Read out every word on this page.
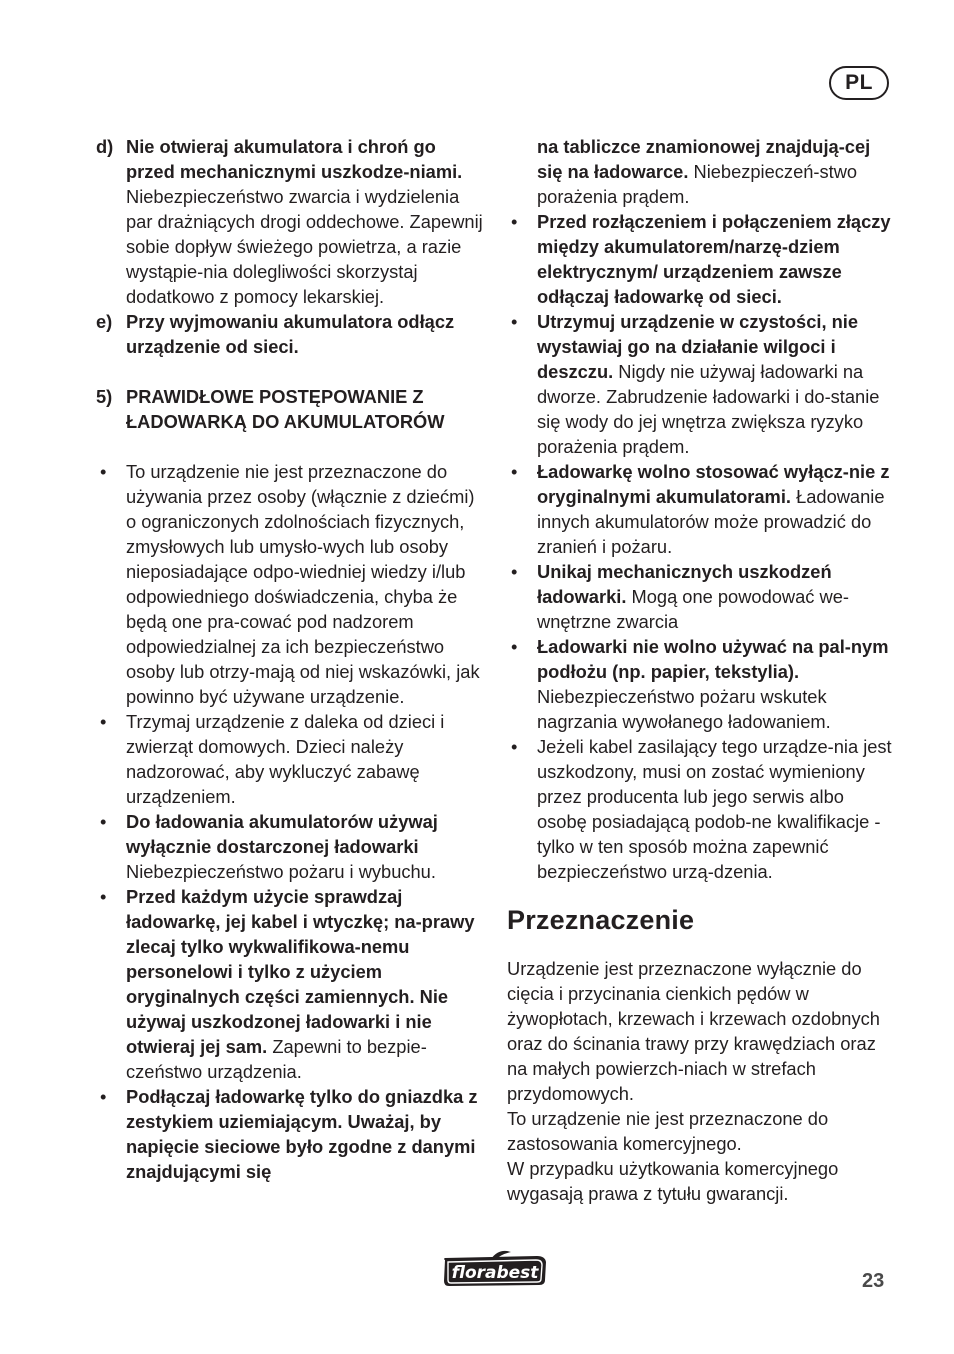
PL
d) Nie otwieraj akumulatora i chroń go przed mechanicznymi uszkodze-niami. Niebezpieczeństwo zwarcia i wydzielenia par drażniących drogi oddechowe. Zapewnij sobie dopływ świeżego powietrza, a razie wystąpie-nia dolegliwości skorzystaj dodatkowo z pomocy lekarskiej.
e) Przy wyjmowaniu akumulatora odłącz urządzenie od sieci.
5) PRAWIDŁOWE POSTĘPOWANIE Z ŁADOWARKĄ DO AKUMULATORÓW
• To urządzenie nie jest przeznaczone do używania przez osoby (włącznie z dziećmi) o ograniczonych zdolnościach fizycznych, zmysłowych lub umysło-wych lub osoby nieposiadające odpo-wiedniej wiedzy i/lub odpowiedniego doświadczenia, chyba że będą one pra-cować pod nadzorem odpowiedzialnej za ich bezpieczeństwo osoby lub otrzy-mają od niej wskazówki, jak powinno być używane urządzenie.
• Trzymaj urządzenie z daleka od dzieci i zwierząt domowych. Dzieci należy nadzorować, aby wykluczyć zabawę urządzeniem.
• Do ładowania akumulatorów używaj wyłącznie dostarczonej ładowarki Niebezpieczeństwo pożaru i wybuchu.
• Przed każdym użycie sprawdzaj ładowarkę, jej kabel i wtyczkę; na-prawy zlecaj tylko wykwalifikowa-nemu personelowi i tylko z użyciem oryginalnych części zamiennych. Nie używaj uszkodzonej ładowarki i nie otwieraj jej sam. Zapewni to bezpie-czeństwo urządzenia.
• Podłączaj ładowarkę tylko do gniazdka z zestykiem uziemiającym. Uważaj, by napięcie sieciowe było zgodne z danymi znajdującymi się
na tabliczce znamionowej znajdują-cej się na ładowarce. Niebezpieczeń-stwo porażenia prądem.
• Przed rozłączeniem i połączeniem złączy między akumulatorem/narzę-dziem elektrycznym/ urządzeniem zawsze odłączaj ładowarkę od sieci.
• Utrzymuj urządzenie w czystości, nie wystawiaj go na działanie wilgoci i deszczu. Nigdy nie używaj ładowarki na dworze. Zabrudzenie ładowarki i do-stanie się wody do jej wnętrza zwiększa ryzyko porażenia prądem.
• Ładowarkę wolno stosować wyłącz-nie z oryginalnymi akumulatorami. Ładowanie innych akumulatorów może prowadzić do zranień i pożaru.
• Unikaj mechanicznych uszkodzeń ładowarki. Mogą one powodować we-wnętrzne zwarcia
• Ładowarki nie wolno używać na pal-nym podłożu (np. papier, tekstylia). Niebezpieczeństwo pożaru wskutek nagrzania wywołanego ładowaniem.
• Jeżeli kabel zasilający tego urządze-nia jest uszkodzony, musi on zostać wymieniony przez producenta lub jego serwis albo osobę posiadającą podob-ne kwalifikacje - tylko w ten sposób można zapewnić bezpieczeństwo urzą-dzenia.
Przeznaczenie
Urządzenie jest przeznaczone wyłącznie do cięcia i przycinania cienkich pędów w żywopłotach, krzewach i krzewach ozdobnych oraz do ścinania trawy przy krawędziach oraz na małych powierzch-niach w strefach przydomowych.
To urządzenie nie jest przeznaczone do zastosowania komercyjnego.
W przypadku użytkowania komercyjnego wygasają prawa z tytułu gwarancji.
florabest	23
